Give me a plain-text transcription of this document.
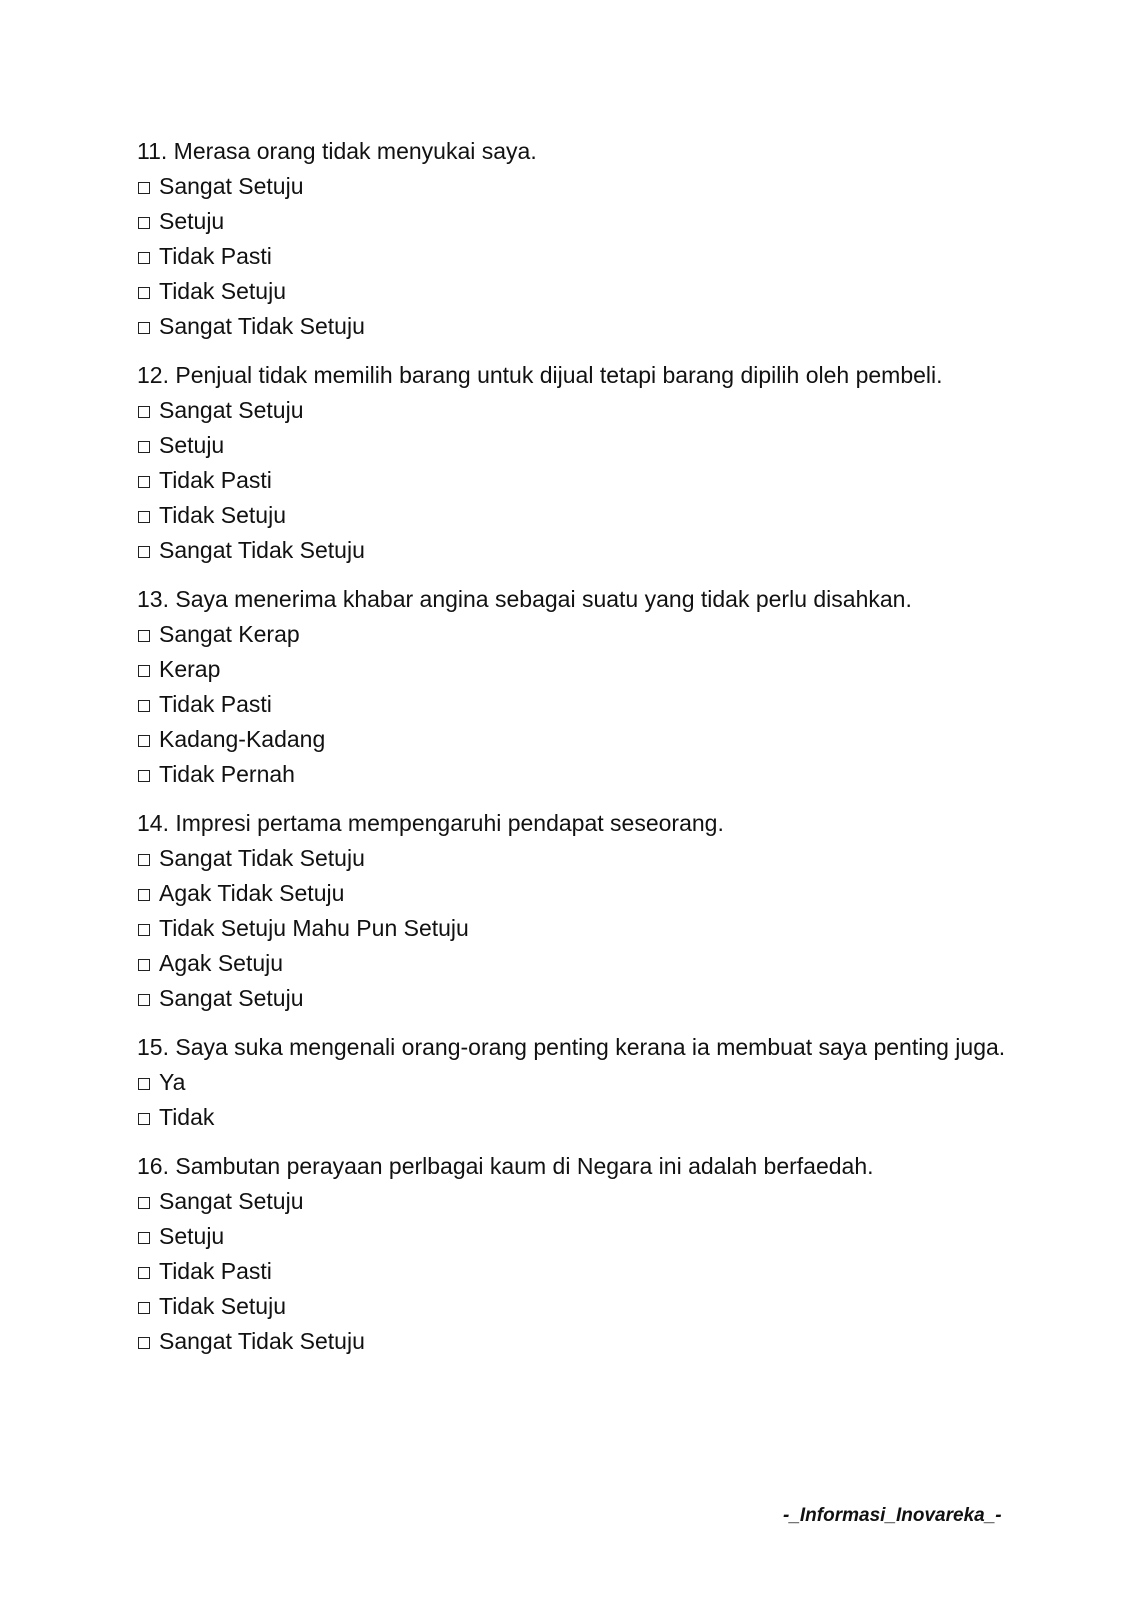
11. Merasa orang tidak menyukai saya.

Sangat Setuju
Setuju
Tidak Pasti
Tidak Setuju
Sangat Tidak Setuju

12. Penjual tidak memilih barang untuk dijual tetapi barang dipilih oleh pembeli.

Sangat Setuju
Setuju
Tidak Pasti
Tidak Setuju
Sangat Tidak Setuju

13. Saya menerima khabar angina sebagai suatu yang tidak perlu disahkan.

Sangat Kerap
Kerap
Tidak Pasti
Kadang-Kadang
Tidak Pernah

14. Impresi pertama mempengaruhi pendapat seseorang.

Sangat Tidak Setuju
Agak Tidak Setuju
Tidak Setuju Mahu Pun Setuju
Agak Setuju
Sangat Setuju

15. Saya suka mengenali orang-orang penting kerana ia membuat saya penting juga.

Ya
Tidak

16. Sambutan perayaan perlbagai kaum di Negara ini adalah berfaedah.

Sangat Setuju
Setuju
Tidak Pasti
Tidak Setuju
Sangat Tidak Setuju
-_Informasi_Inovareka_-
